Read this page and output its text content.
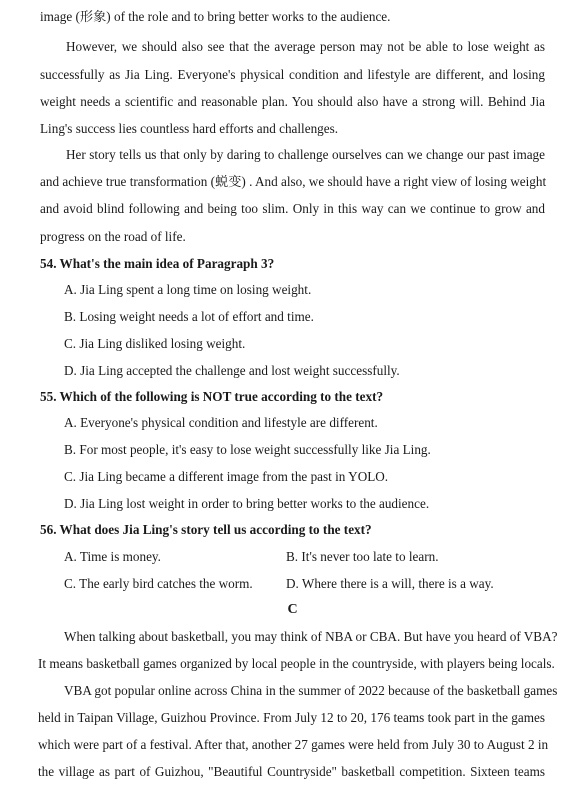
image (形象) of the role and to bring better works to the audience.
However, we should also see that the average person may not be able to lose weight as
successfully as Jia Ling. Everyone's physical condition and lifestyle are different, and losing
weight needs a scientific and reasonable plan. You should also have a strong will. Behind Jia
Ling's success lies countless hard efforts and challenges.
Her story tells us that only by daring to challenge ourselves can we change our past image
and achieve true transformation (蜕变) . And also, we should have a right view of losing weight
and avoid blind following and being too slim. Only in this way can we continue to grow and
progress on the road of life.
54. What's the main idea of Paragraph 3?
A. Jia Ling spent a long time on losing weight.
B. Losing weight needs a lot of effort and time.
C. Jia Ling disliked losing weight.
D. Jia Ling accepted the challenge and lost weight successfully.
55. Which of the following is NOT true according to the text?
A. Everyone's physical condition and lifestyle are different.
B. For most people, it's easy to lose weight successfully like Jia Ling.
C. Jia Ling became a different image from the past in YOLO.
D. Jia Ling lost weight in order to bring better works to the audience.
56. What does Jia Ling's story tell us according to the text?
A. Time is money.	B. It's never too late to learn.
C. The early bird catches the worm.	D. Where there is a will, there is a way.
C
When talking about basketball, you may think of NBA or CBA. But have you heard of VBA?
It means basketball games organized by local people in the countryside, with players being locals.
VBA got popular online across China in the summer of 2022 because of the basketball games
held in Taipan Village, Guizhou Province. From July 12 to 20, 176 teams took part in the games
which were part of a festival. After that, another 27 games were held from July 30 to August 2 in
the village as part of Guizhou, "Beautiful Countryside" basketball competition. Sixteen teams
